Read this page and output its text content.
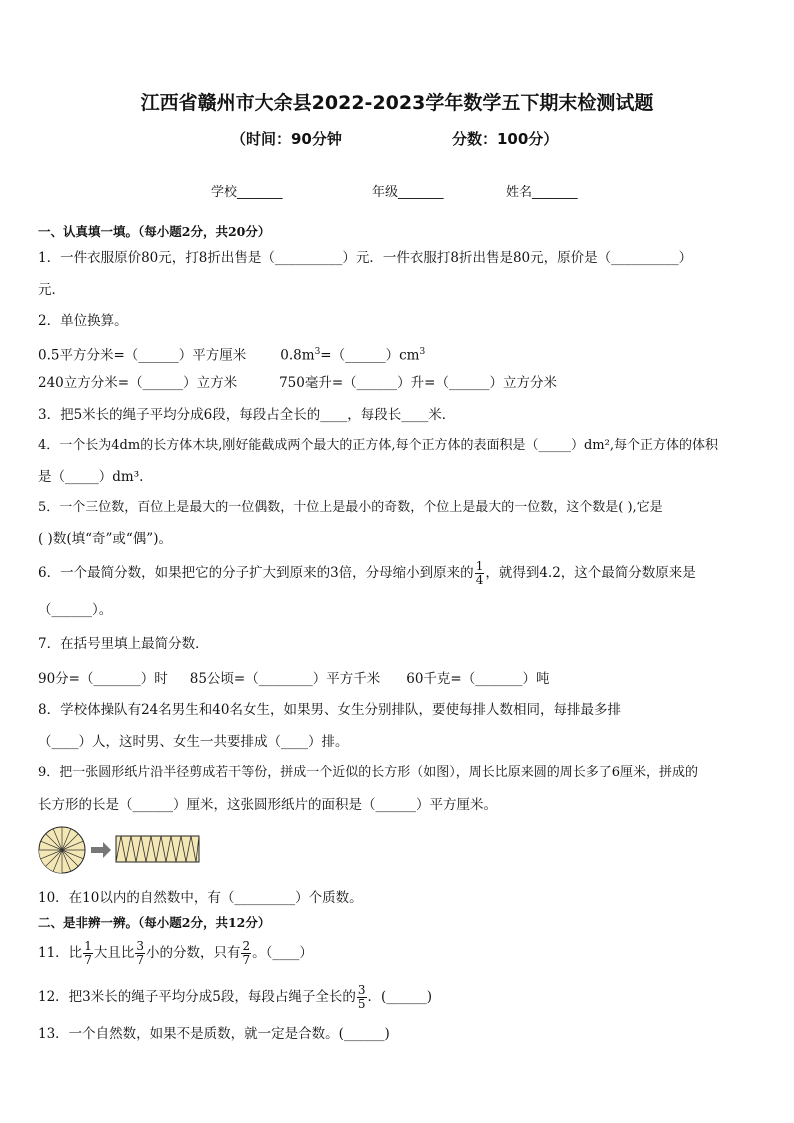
江西省赣州市大余县2022-2023学年数学五下期末检测试题
（时间：90分钟	分数：100分）
学校_______	年级_______	姓名_______
一、认真填一填。（每小题2分，共20分）
1．一件衣服原价80元，打8折出售是（__________）元．一件衣服打8折出售是80元，原价是（__________）
元．
2．单位换算。
0.5平方分米=（______）平方厘米	$0.8m^3=(\_\_\_\_\_\_)cm^3$
240立方分米=（______）立方米	750毫升=（______）升=（______）立方分米
3．把5米长的绳子平均分成6段，每段占全长的____，每段长____米．
4．一个长为4dm的长方体木块,刚好能截成两个最大的正方体,每个正方体的表面积是（_____）dm²,每个正方体的体积
是（_____）dm³.
5．一个三位数，百位上是最大的一位偶数，十位上是最小的奇数，个位上是最大的一位数，这个数是( ),它是
( )数(填“奇”或“偶”)。
6．一个最简分数，如果把它的分子扩大到原来的3倍，分母缩小到原来的 $\frac{1}{4}$ ，就得到4.2，这个最简分数原来是
（______）。
7．在括号里填上最简分数．
90分=（_______）时 85公顷=（________）平方千米 60千克=（_______）吨
8．学校体操队有24名男生和40名女生，如果男、女生分别排队，要使每排人数相同，每排最多排
（____）人，这时男、女生一共要排成（____）排。
9．把一张圆形纸片沿半径剪成若干等份，拼成一个近似的长方形（如图），周长比原来圆的周长多了6厘米，拼成的
长方形的长是（______）厘米，这张圆形纸片的面积是（______）平方厘米。
10．在10以内的自然数中，有（_________）个质数。
二、是非辨一辨。（每小题2分，共12分）
11．比 $\frac{1}{7}$ 大且比 $\frac{3}{7}$ 小的分数，只有 $\frac{2}{7}$ 。（____）
12．把3米长的绳子平均分成5段，每段占绳子全长的 $\frac{3}{5}$ ．(______)
13．一个自然数，如果不是质数，就一定是合数。(______)
